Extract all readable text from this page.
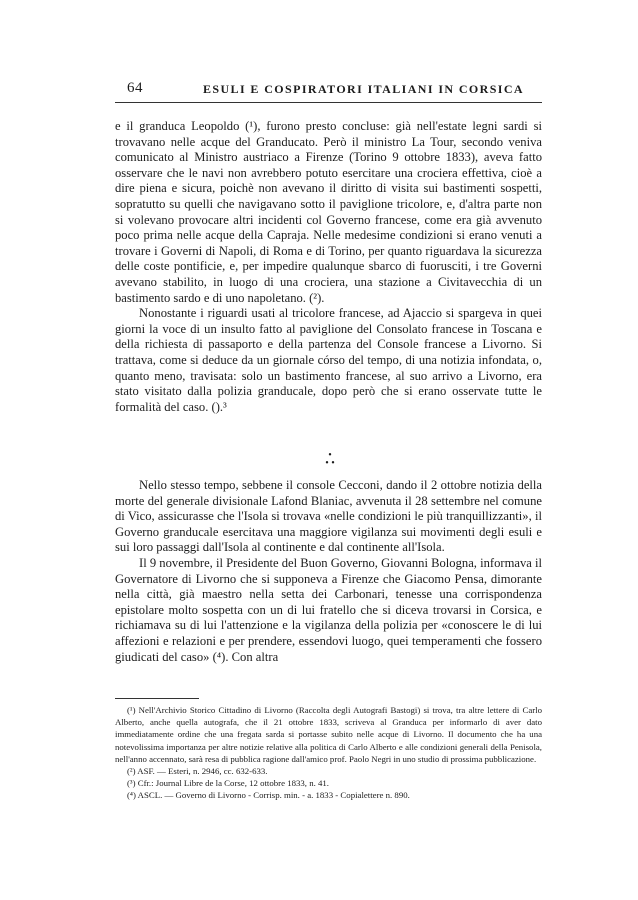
64	ESULI E COSPIRATORI ITALIANI IN CORSICA

e il granduca Leopoldo (¹), furono presto concluse: già nell'estate legni sardi si trovavano nelle acque del Granducato. Però il ministro La Tour, secondo veniva comunicato al Ministro austriaco a Firenze (Torino 9 ottobre 1833), aveva fatto osservare che le navi non avrebbero potuto esercitare una crociera effettiva, cioè a dire piena e sicura, poichè non avevano il diritto di visita sui bastimenti sospetti, sopratutto su quelli che navigavano sotto il paviglione tricolore, e, d'altra parte non si volevano provocare altri incidenti col Governo francese, come era già avvenuto poco prima nelle acque della Capraja. Nelle medesime condizioni si erano venuti a trovare i Governi di Napoli, di Roma e di Torino, per quanto riguardava la sicurezza delle coste pontificie, e, per impedire qualunque sbarco di fuorusciti, i tre Governi avevano stabilito, in luogo di una crociera, una stazione a Civitavecchia di un bastimento sardo e di uno napoletano. (²).

Nonostante i riguardi usati al tricolore francese, ad Ajaccio si spargeva in quei giorni la voce di un insulto fatto al paviglione del Consolato francese in Toscana e della richiesta di passaporto e della partenza del Console francese a Livorno. Si trattava, come si deduce da un giornale córso del tempo, di una notizia infondata, o, quanto meno, travisata: solo un bastimento francese, al suo arrivo a Livorno, era stato visitato dalla polizia granducale, dopo però che si erano osservate tutte le formalità del caso. ().³

•
• •

Nello stesso tempo, sebbene il console Cecconi, dando il 2 ottobre notizia della morte del generale divisionale Lafond Blaniac, avvenuta il 28 settembre nel comune di Vico, assicurasse che l'Isola si trovava «nelle condizioni le più tranquillizzanti», il Governo granducale esercitava una maggiore vigilanza sui movimenti degli esuli e sui loro passaggi dall'Isola al continente e dal continente all'Isola.

Il 9 novembre, il Presidente del Buon Governo, Giovanni Bologna, informava il Governatore di Livorno che si supponeva a Firenze che Giacomo Pensa, dimorante nella città, già maestro nella setta dei Carbonari, tenesse una corrispondenza epistolare molto sospetta con un di lui fratello che si diceva trovarsi in Corsica, e richiamava su di lui l'attenzione e la vigilanza della polizia per «conoscere le di lui affezioni e relazioni e per prendere, essendovi luogo, quei temperamenti che fossero giudicati del caso» (⁴). Con altra

(¹) Nell'Archivio Storico Cittadino di Livorno (Raccolta degli Autografi Bastogi) si trova, tra altre lettere di Carlo Alberto, anche quella autografa, che il 21 ottobre 1833, scriveva al Granduca per informarlo di aver dato immediatamente ordine che una fregata sarda si portasse subito nelle acque di Livorno. Il documento che ha una notevolissima importanza per altre notizie relative alla politica di Carlo Alberto e alle condizioni generali della Penisola, nell'anno accennato, sarà resa di pubblica ragione dall'amico prof. Paolo Negri in uno studio di prossima pubblicazione.

(²) ASF. — Esteri, n. 2946, cc. 632-633.

(³) Cfr.: Journal Libre de la Corse, 12 ottobre 1833, n. 41.

(⁴) ASCL. — Governo di Livorno - Corrisp. min. - a. 1833 - Copialettere n. 890.
